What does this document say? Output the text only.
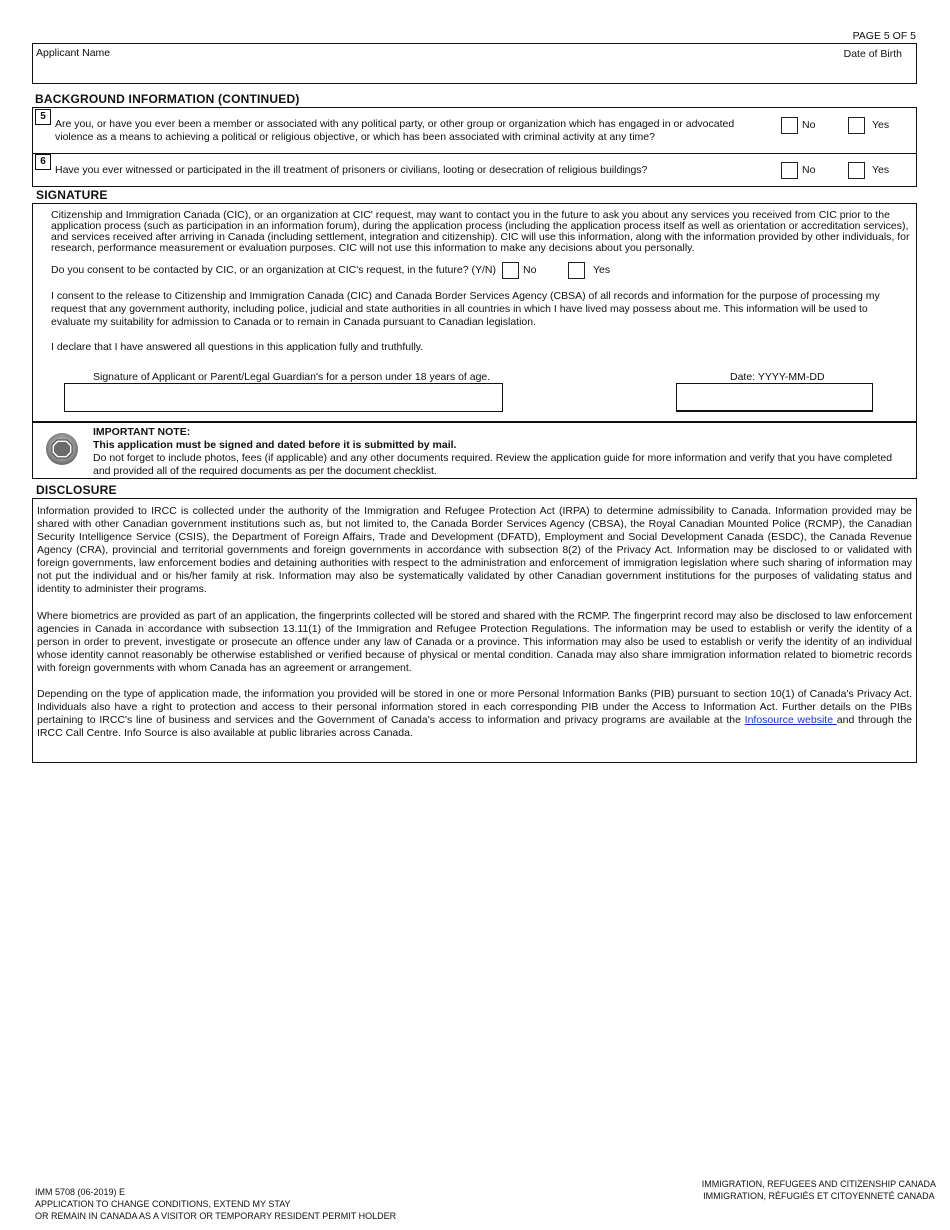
PAGE 5 OF 5
Applicant Name	Date of Birth
BACKGROUND INFORMATION (CONTINUED)
5
Are you, or have you ever been a member or associated with any political party, or other group or organization which has engaged in or advocated violence as a means to achieving a political or religious objective, or which has been associated with criminal activity at any time?
No	Yes
6
Have you ever witnessed or participated in the ill treatment of prisoners or civilians, looting or desecration of religious buildings?	No	Yes
SIGNATURE
Citizenship and Immigration Canada (CIC), or an organization at CIC' request, may want to contact you in the future to ask you about any services you received from CIC prior to the application process (such as participation in an information forum), during the application process (including the application process itself as well as orientation or accreditation services), and services received after arriving in Canada (including settlement, integration and citizenship). CIC will use this information, along with the information provided by other individuals, for research, performance measurement or evaluation purposes. CIC will not use this information to make any decisions about you personally.
Do you consent to be contacted by CIC, or an organization at CIC's request, in the future? (Y/N)	No	Yes
I consent to the release to Citizenship and Immigration Canada (CIC) and Canada Border Services Agency (CBSA) of all records and information for the purpose of processing my request that any government authority, including police, judicial and state authorities in all countries in which I have lived may possess about me. This information will be used to evaluate my suitability for admission to Canada or to remain in Canada pursuant to Canadian legislation.
I declare that I have answered all questions in this application fully and truthfully.
Signature of Applicant or Parent/Legal Guardian's for a person under 18 years of age.	Date: YYYY-MM-DD
IMPORTANT NOTE:
This application must be signed and dated before it is submitted by mail.
Do not forget to include photos, fees (if applicable) and any other documents required. Review the application guide for more information and verify that you have completed and provided all of the required documents as per the document checklist.
DISCLOSURE
Information provided to IRCC is collected under the authority of the Immigration and Refugee Protection Act (IRPA) to determine admissibility to Canada. Information provided may be shared with other Canadian government institutions such as, but not limited to, the Canada Border Services Agency (CBSA), the Royal Canadian Mounted Police (RCMP), the Canadian Security Intelligence Service (CSIS), the Department of Foreign Affairs, Trade and Development (DFATD), Employment and Social Development Canada (ESDC), the Canada Revenue Agency (CRA), provincial and territorial governments and foreign governments in accordance with subsection 8(2) of the Privacy Act. Information may be disclosed to or validated with foreign governments, law enforcement bodies and detaining authorities with respect to the administration and enforcement of immigration legislation where such sharing of information may not put the individual and or his/her family at risk. Information may also be systematically validated by other Canadian government institutions for the purposes of validating status and identity to administer their programs.
Where biometrics are provided as part of an application, the fingerprints collected will be stored and shared with the RCMP. The fingerprint record may also be disclosed to law enforcement agencies in Canada in accordance with subsection 13.11(1) of the Immigration and Refugee Protection Regulations. The information may be used to establish or verify the identity of a person in order to prevent, investigate or prosecute an offence under any law of Canada or a province. This information may also be used to establish or verify the identity of an individual whose identity cannot reasonably be otherwise established or verified because of physical or mental condition. Canada may also share immigration information related to biometric records with foreign governments with whom Canada has an agreement or arrangement.
Depending on the type of application made, the information you provided will be stored in one or more Personal Information Banks (PIB) pursuant to section 10(1) of Canada's Privacy Act. Individuals also have a right to protection and access to their personal information stored in each corresponding PIB under the Access to Information Act. Further details on the PIBs pertaining to IRCC's line of business and services and the Government of Canada's access to information and privacy programs are available at the Infosource website and through the IRCC Call Centre. Info Source is also available at public libraries across Canada.
IMM 5708 (06-2019) E
APPLICATION TO CHANGE CONDITIONS, EXTEND MY STAY
OR REMAIN IN CANADA AS A VISITOR OR TEMPORARY RESIDENT PERMIT HOLDER
IMMIGRATION, REFUGEES AND CITIZENSHIP CANADA
IMMIGRATION, RÉFUGIÉS ET CITOYENNETÉ CANADA
